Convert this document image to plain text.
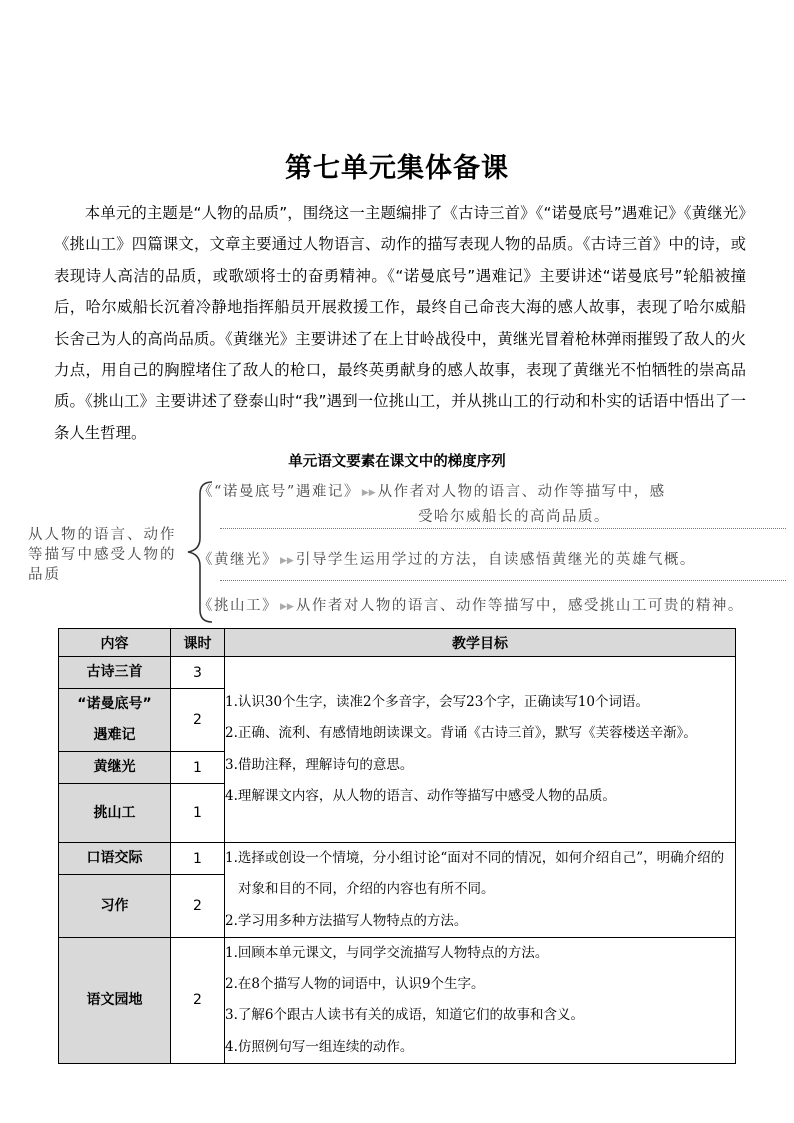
第七单元集体备课

本单元的主题是“人物的品质”，围绕这一主题编排了《古诗三首》《“诺曼底号”遇难记》《黄继光》《挑山工》四篇课文，文章主要通过人物语言、动作的描写表现人物的品质。《古诗三首》中的诗，或表现诗人高洁的品质，或歌颂将士的奋勇精神。《“诺曼底号”遇难记》主要讲述“诺曼底号”轮船被撞后，哈尔威船长沉着冷静地指挥船员开展救援工作，最终自己命丧大海的感人故事，表现了哈尔威船长舍己为人的高尚品质。《黄继光》主要讲述了在上甘岭战役中，黄继光冒着枪林弹雨摧毁了敌人的火力点，用自己的胸膛堵住了敌人的枪口，最终英勇献身的感人故事，表现了黄继光不怕牺牲的崇高品质。《挑山工》主要讲述了登泰山时“我”遇到一位挑山工，并从挑山工的行动和朴实的话语中悟出了一条人生哲理。

单元语文要素在课文中的梯度序列
从人物的语言、动作等描写中感受人物的品质
《“诺曼底号”遇难记》 ▶▶ 从作者对人物的语言、动作等描写中，感
受哈尔威船长的高尚品质。
《黄继光》 ▶▶ 引导学生运用学过的方法，自读感悟黄继光的英雄气概。
《挑山工》 ▶▶ 从作者对人物的语言、动作等描写中，感受挑山工可贵的精神。
内容	课时	教学目标
古诗三首	3	1.认识30个生字，读准2个多音字，会写23个字，正确读写10个词语。
2.正确、流利、有感情地朗读课文。背诵《古诗三首》，默写《芙蓉楼送辛渐》。
3.借助注释，理解诗句的意思。
4.理解课文内容，从人物的语言、动作等描写中感受人物的品质。

“诺曼底号”
遇难记	2	
黄继光	1	
挑山工	1	
口语交际	1	1.选择或创设一个情境，分小组讨论“面对不同的情况，如何介绍自己”，明确介绍的对象和目的不同，介绍的内容也有所不同。
2.学习用多种方法描写人物特点的方法。

习作	2	
语文园地	2	1.回顾本单元课文，与同学交流描写人物特点的方法。
2.在8个描写人物的词语中，认识9个生字。
3.了解6个跟古人读书有关的成语，知道它们的故事和含义。
4.仿照例句写一组连续的动作。
